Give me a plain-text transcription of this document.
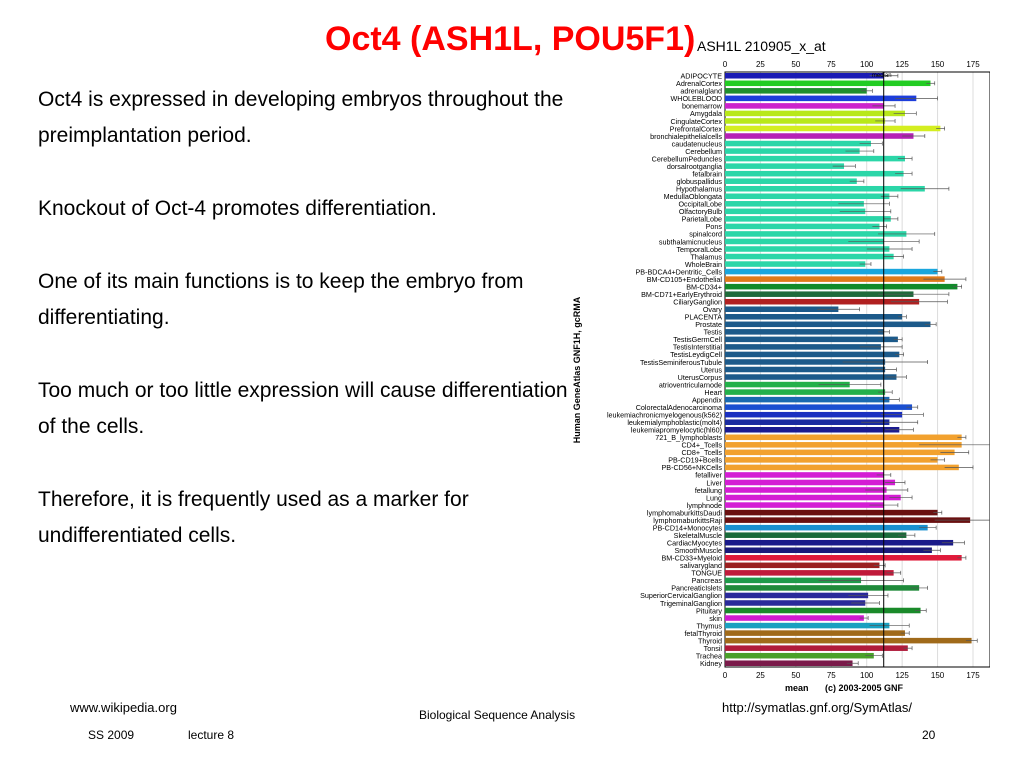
Oct4 (ASH1L, POU5F1)

Oct4 is expressed in developing embryos throughout the preimplantation period.

Knockout of Oct-4 promotes differentiation.

One of its main functions is to keep the embryo from differentiating.

Too much or too little expression will cause differentiation of the cells.

Therefore, it is frequently used as a marker for undifferentiated cells.

ASH1L 210905_x_at
0
0
25
25
50
50
75
75
100
100
125
125
150
150
175
175
ADIPOCYTE
AdrenalCortex
adrenalgland
WHOLEBLOOD
bonemarrow
Amygdala
CingulateCortex
PrefrontalCortex
bronchialepithelialcells
caudatenucleus
Cerebellum
CerebellumPeduncles
dorsalrootganglia
fetalbrain
globuspallidus
Hypothalamus
MedullaOblongata
OccipitalLobe
OlfactoryBulb
ParietalLobe
Pons
spinalcord
subthalamicnucleus
TemporalLobe
Thalamus
WholeBrain
PB-BDCA4+Dentritic_Cells
BM-CD105+Endothelial
BM-CD34+
BM-CD71+EarlyErythroid
CiliaryGanglion
Ovary
PLACENTA
Prostate
Testis
TestisGermCell
TestisInterstitial
TestisLeydigCell
TestisSeminiferousTubule
Uterus
UterusCorpus
atrioventricularnode
Heart
Appendix
ColorectalAdenocarcinoma
leukemiachronicmyelogenous(k562)
leukemialymphoblastic(molt4)
leukemiapromyelocytic(hl60)
721_B_lymphoblasts
CD4+_Tcells
CD8+_Tcells
PB-CD19+Bcells
PB-CD56+NKCells
fetalliver
Liver
fetallung
Lung
lymphnode
lymphomaburkittsDaudi
lymphomaburkittsRaji
PB-CD14+Monocytes
SkeletalMuscle
CardiacMyocytes
SmoothMuscle
BM-CD33+Myeloid
salivarygland
TONGUE
Pancreas
PancreaticIslets
SuperiorCervicalGanglion
TrigeminalGanglion
Pituitary
skin
Thymus
fetalThyroid
Thyroid
Tonsil
Trachea
Kidney
median
mean (c) 2003-2005 GNF
Human GeneAtlas GNF1H, gcRMA
www.wikipedia.org	Biological Sequence Analysis	http://symatlas.gnf.org/SymAtlas/
SS 2009	lecture 8	20
